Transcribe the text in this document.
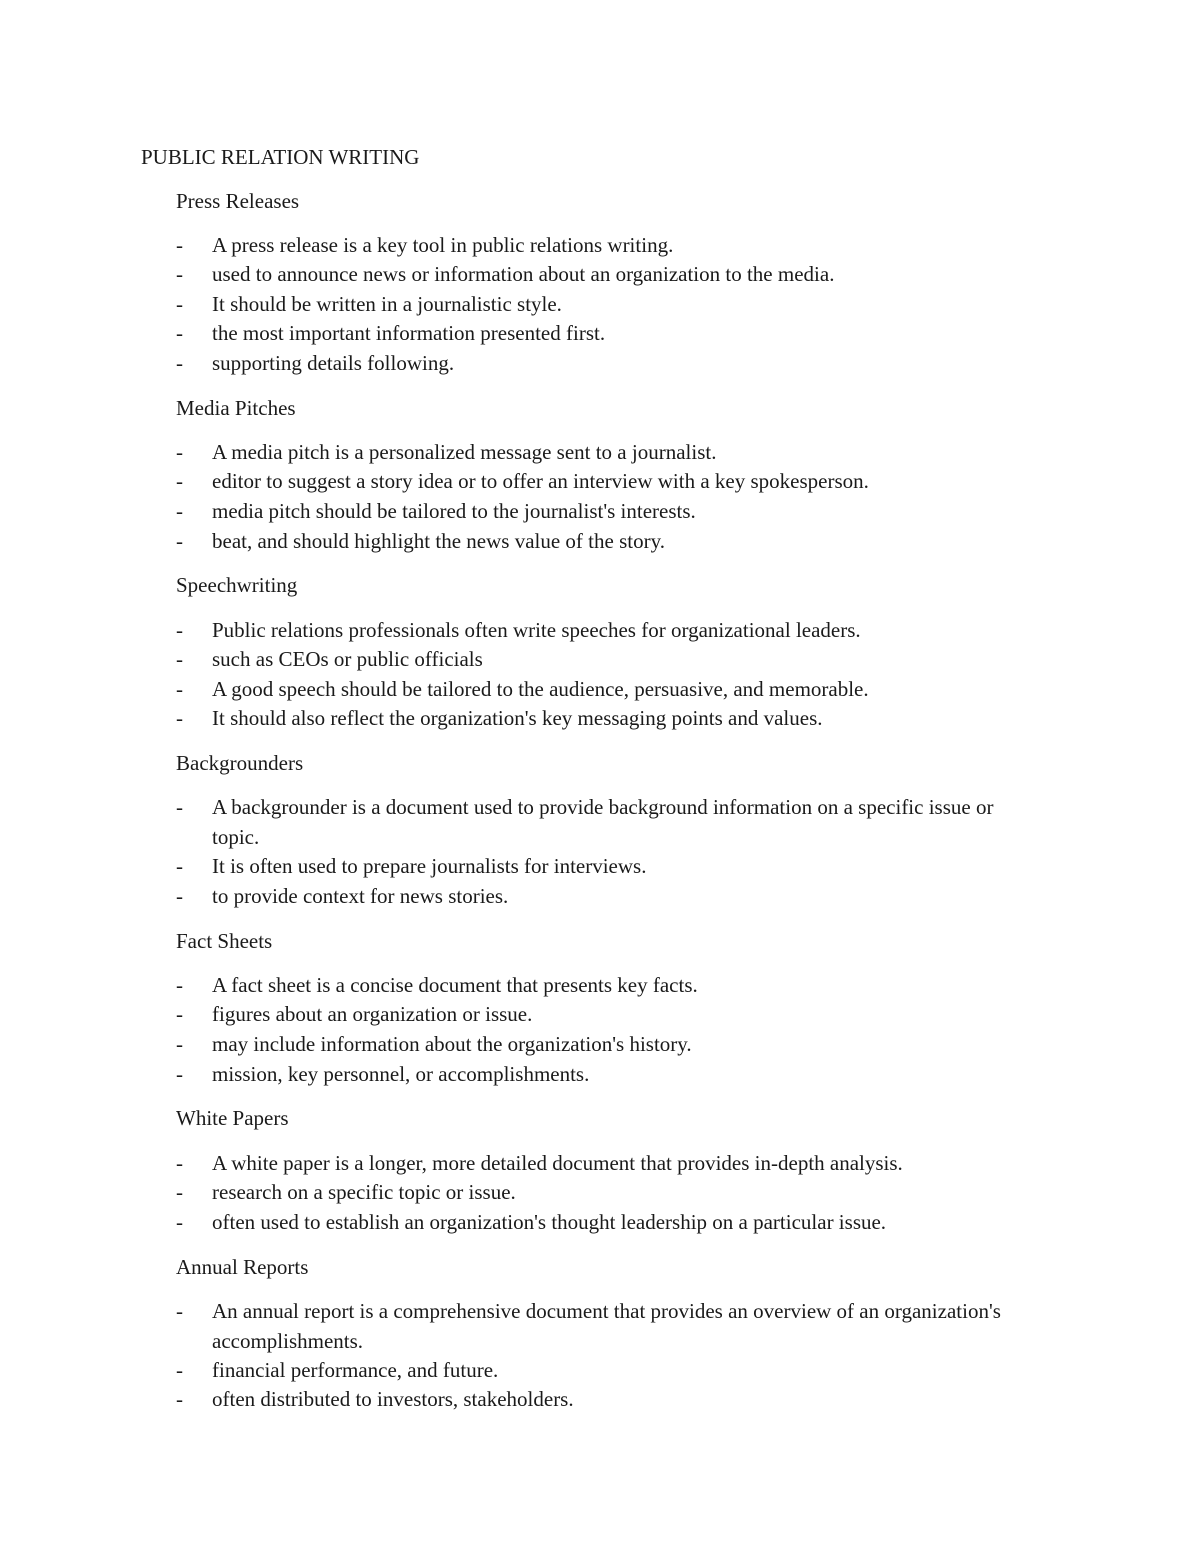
PUBLIC RELATION WRITING
Press Releases
- A press release is a key tool in public relations writing.
- used to announce news or information about an organization to the media.
- It should be written in a journalistic style.
- the most important information presented first.
- supporting details following.
Media Pitches
- A media pitch is a personalized message sent to a journalist.
- editor to suggest a story idea or to offer an interview with a key spokesperson.
- media pitch should be tailored to the journalist's interests.
- beat, and should highlight the news value of the story.
Speechwriting
- Public relations professionals often write speeches for organizational leaders.
- such as CEOs or public officials
- A good speech should be tailored to the audience, persuasive, and memorable.
- It should also reflect the organization's key messaging points and values.
Backgrounders
- A backgrounder is a document used to provide background information on a specific issue or topic.
- It is often used to prepare journalists for interviews.
- to provide context for news stories.
Fact Sheets
- A fact sheet is a concise document that presents key facts.
- figures about an organization or issue.
- may include information about the organization's history.
- mission, key personnel, or accomplishments.
White Papers
- A white paper is a longer, more detailed document that provides in-depth analysis.
- research on a specific topic or issue.
- often used to establish an organization's thought leadership on a particular issue.
Annual Reports
- An annual report is a comprehensive document that provides an overview of an organization's accomplishments.
- financial performance, and future.
- often distributed to investors, stakeholders.
